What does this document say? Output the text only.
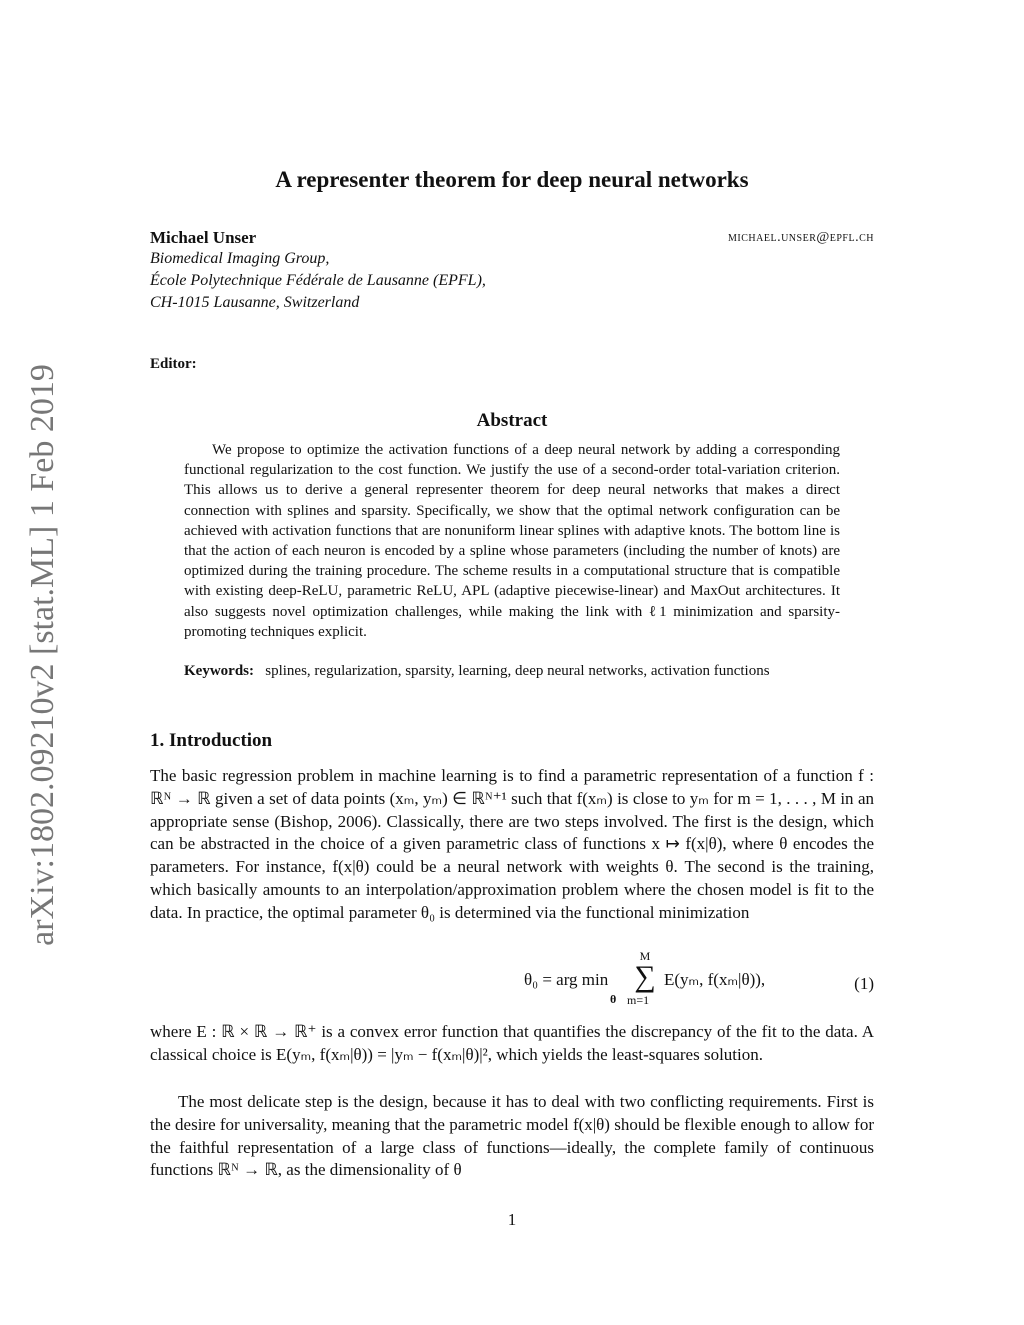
arXiv:1802.09210v2 [stat.ML] 1 Feb 2019
A representer theorem for deep neural networks
Michael Unser	michael.unser@epfl.ch
Biomedical Imaging Group,
École Polytechnique Fédérale de Lausanne (EPFL),
CH-1015 Lausanne, Switzerland
Editor:
Abstract
We propose to optimize the activation functions of a deep neural network by adding a corresponding functional regularization to the cost function. We justify the use of a second-order total-variation criterion. This allows us to derive a general representer theorem for deep neural networks that makes a direct connection with splines and sparsity. Specifically, we show that the optimal network configuration can be achieved with activation functions that are nonuniform linear splines with adaptive knots. The bottom line is that the action of each neuron is encoded by a spline whose parameters (including the number of knots) are optimized during the training procedure. The scheme results in a computational structure that is compatible with existing deep-ReLU, parametric ReLU, APL (adaptive piecewise-linear) and MaxOut architectures. It also suggests novel optimization challenges, while making the link with ℓ1 minimization and sparsity-promoting techniques explicit.
Keywords: splines, regularization, sparsity, learning, deep neural networks, activation functions
1. Introduction
The basic regression problem in machine learning is to find a parametric representation of a function f : ℝᴺ → ℝ given a set of data points (xₘ, yₘ) ∈ ℝᴺ⁺¹ such that f(xₘ) is close to yₘ for m = 1, . . . , M in an appropriate sense (Bishop, 2006). Classically, there are two steps involved. The first is the design, which can be abstracted in the choice of a given parametric class of functions x ↦ f(x|θ), where θ encodes the parameters. For instance, f(x|θ) could be a neural network with weights θ. The second is the training, which basically amounts to an interpolation/approximation problem where the chosen model is fit to the data. In practice, the optimal parameter θ₀ is determined via the functional minimization
θ₀ = arg min
θ
M
∑
m=1
E(yₘ, f(xₘ|θ)),	(1)
where E : ℝ × ℝ → ℝ⁺ is a convex error function that quantifies the discrepancy of the fit to the data. A classical choice is E(yₘ, f(xₘ|θ)) = |yₘ − f(xₘ|θ)|², which yields the least-squares solution.
The most delicate step is the design, because it has to deal with two conflicting requirements. First is the desire for universality, meaning that the parametric model f(x|θ) should be flexible enough to allow for the faithful representation of a large class of functions—ideally, the complete family of continuous functions ℝᴺ → ℝ, as the dimensionality of θ
1
